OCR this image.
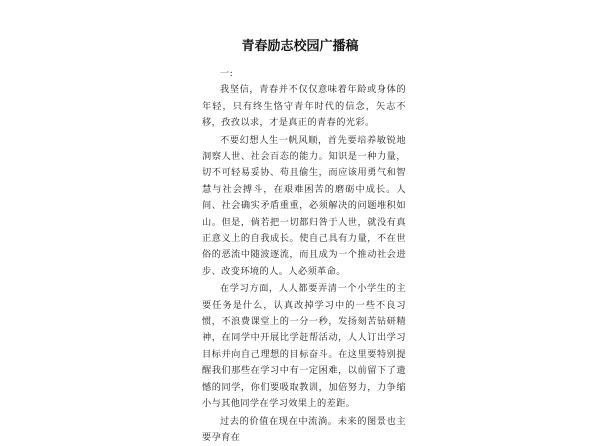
青春励志校园广播稿

一:

我坚信，青春并不仅仅意味着年龄或身体的年轻，只有终生恪守青年时代的信念，矢志不移，孜孜以求，才是真正的青春的光彩。

不要幻想人生一帆风顺，首先要培养敏锐地洞察人世、社会百态的能力。知识是一种力量，切不可轻易妥协、苟且偷生，而应该用勇气和智慧与社会搏斗，在艰难困苦的磨砺中成长。人间、社会确实矛盾重重，必须解决的问题堆积如山。但是，倘若把一切都归咎于人世，就没有真正意义上的自我成长。使自己具有力量，不在世俗的恶流中随波逐流，而且成为一个推动社会进步、改变环境的人。人必须革命。

在学习方面，人人都要弄清一个小学生的主要任务是什么，认真改掉学习中的一些不良习惯，不浪费课堂上的一分一秒，发扬刻苦钻研精神，在同学中开展比学赶帮活动，人人订出学习目标并向自己理想的目标奋斗。在这里要特别提醒我们那些在学习中有一定困难，以前留下了遗憾的同学，你们要吸取教训，加倍努力，力争缩小与其他同学在学习效果上的差距。

过去的价值在现在中流淌。未来的图景也主要孕育在
